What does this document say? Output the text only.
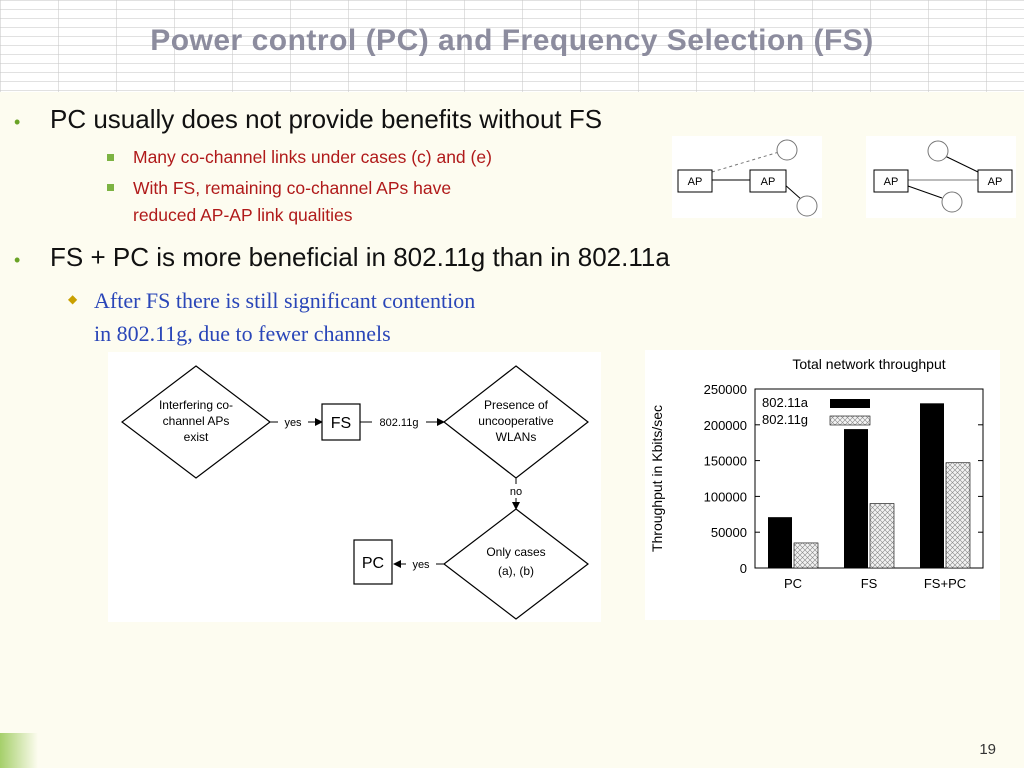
Power control (PC) and Frequency Selection (FS)
• PC usually does not provide benefits without FS
Many co-channel links under cases (c) and (e)
With FS, remaining co-channel APs have
reduced AP-AP link qualities
• FS + PC is more beneficial in 802.11g than in 802.11a
◆ After FS there is still significant contention
in 802.11g, due to fewer channels
AP	AP	AP	AP
Interfering co-
channel APs
exist
yes FS	802.11g
Presence of
uncooperative
WLANs
no
Only cases
(a), (b)
yes
PC
Total network throughput
Throughput in Kbits/sec
0
50000
100000
150000
200000
250000
PC	FS	FS+PC
802.11a
802.11g
19
